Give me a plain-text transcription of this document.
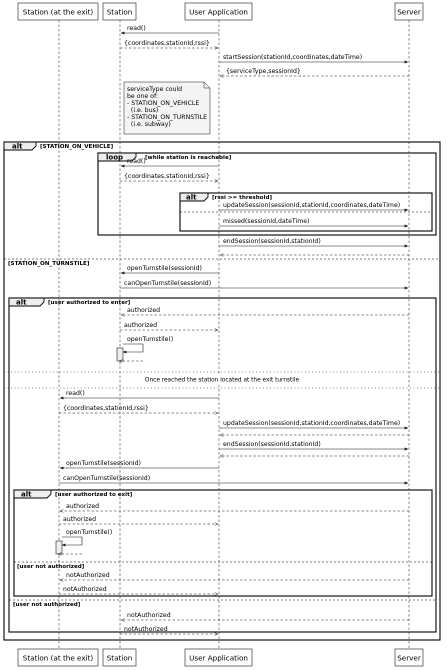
Station (at the exit) Station	User Application	Server
Station (at the exit) Station	User Application	Server
serviceType could
be one of:
- STATION_ON_VEHICLE
(i.e. bus)
- STATION_ON_TURNSTILE
(i.e. subway)
alt	[STATION_ON_VEHICLE]
[STATION_ON_TURNSTILE]
loop	[while station is reachable]
alt	[rssi >= threshold]
alt	[user authorized to enter]
[user not authorized]
alt	[user authorized to exit]
[user not authorized]
Once reached the station located at the exit turnstile
read()
{coordinates,stationId,rssi}
startSession(stationId,coordinates,dateTime)
{serviceType,sessionId}
read()
{coordinates,stationId,rssi}
updateSession(sessionId,stationId,coordinates,dateTime)
missed(sessionId,dateTime)
endSession(sessionId,stationId)
openTurnstile(sessionId)
canOpenTurnstile(sessionId)
authorized
authorized
openTurnstile()
read()
{coordinates,stationId,rssi}
updateSession(sessionId,stationId,coordinates,dateTime)
endSession(sessionId,stationId)
openTurnstile(sessionId)
canOpenTurnstile(sessionId)
authorized
authorized
openTurnstile()
notAuthorized
notAuthorized
notAuthorized
notAuthorized
